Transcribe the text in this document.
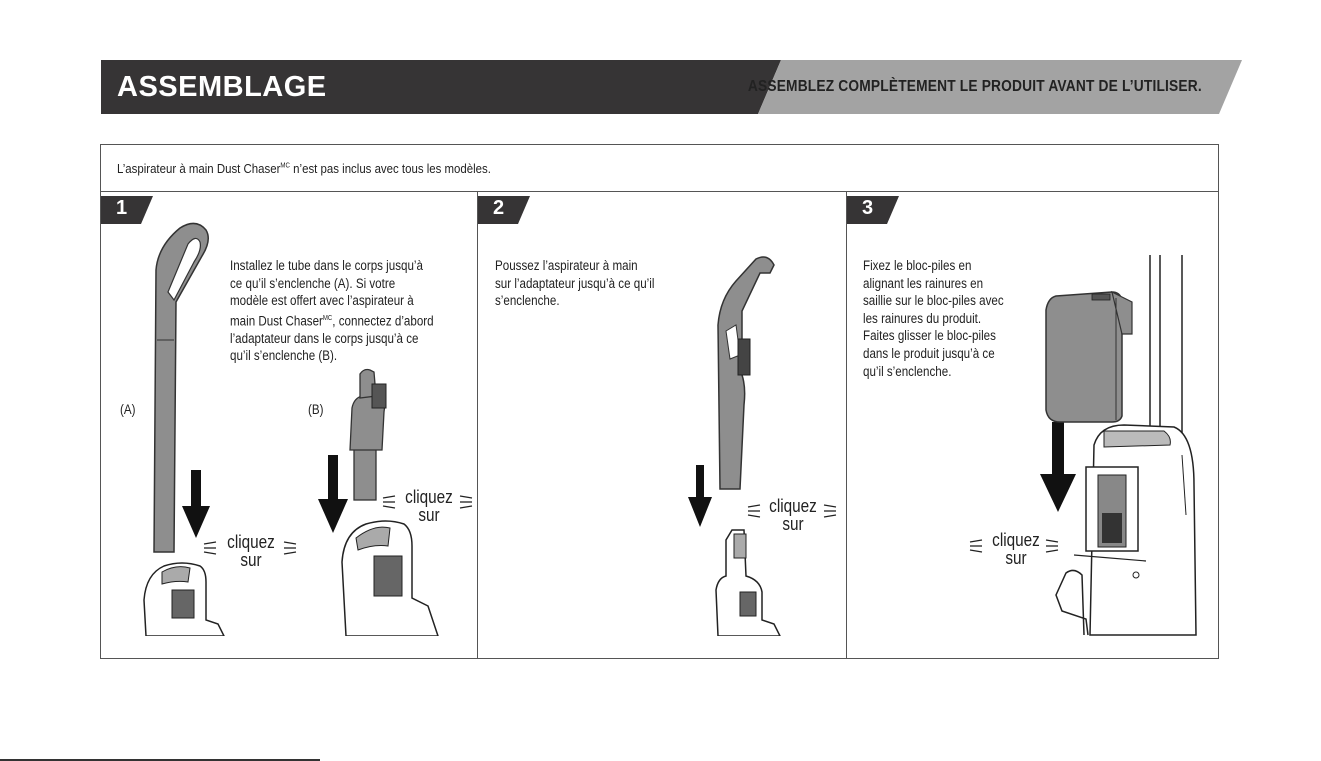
ASSEMBLAGE	ASSEMBLEZ COMPLÈTEMENT LE PRODUIT AVANT DE L’UTILISER.
L’aspirateur à main Dust Chaser$^{MC}$ n’est pas inclus avec tous les modèles.
1	2	3
Installez le tube dans le corps jusqu’à
ce qu’il s’enclenche (A). Si votre
modèle est offert avec l’aspirateur à
main Dust Chaser$^{MC}$, connectez d’abord
l’adaptateur dans le corps jusqu’à ce
qu’il s’enclenche (B).
(A)	(B)
Poussez l’aspirateur à main
sur l’adaptateur jusqu’à ce qu’il
s’enclenche.
Fixez le bloc-piles en
alignant les rainures en
saillie sur le bloc-piles avec
les rainures du produit.
Faites glisser le bloc-piles
dans le produit jusqu’à ce
qu’il s’enclenche.
cliquez
sur
cliquez
sur	cliquez
sur
cliquez
sur
